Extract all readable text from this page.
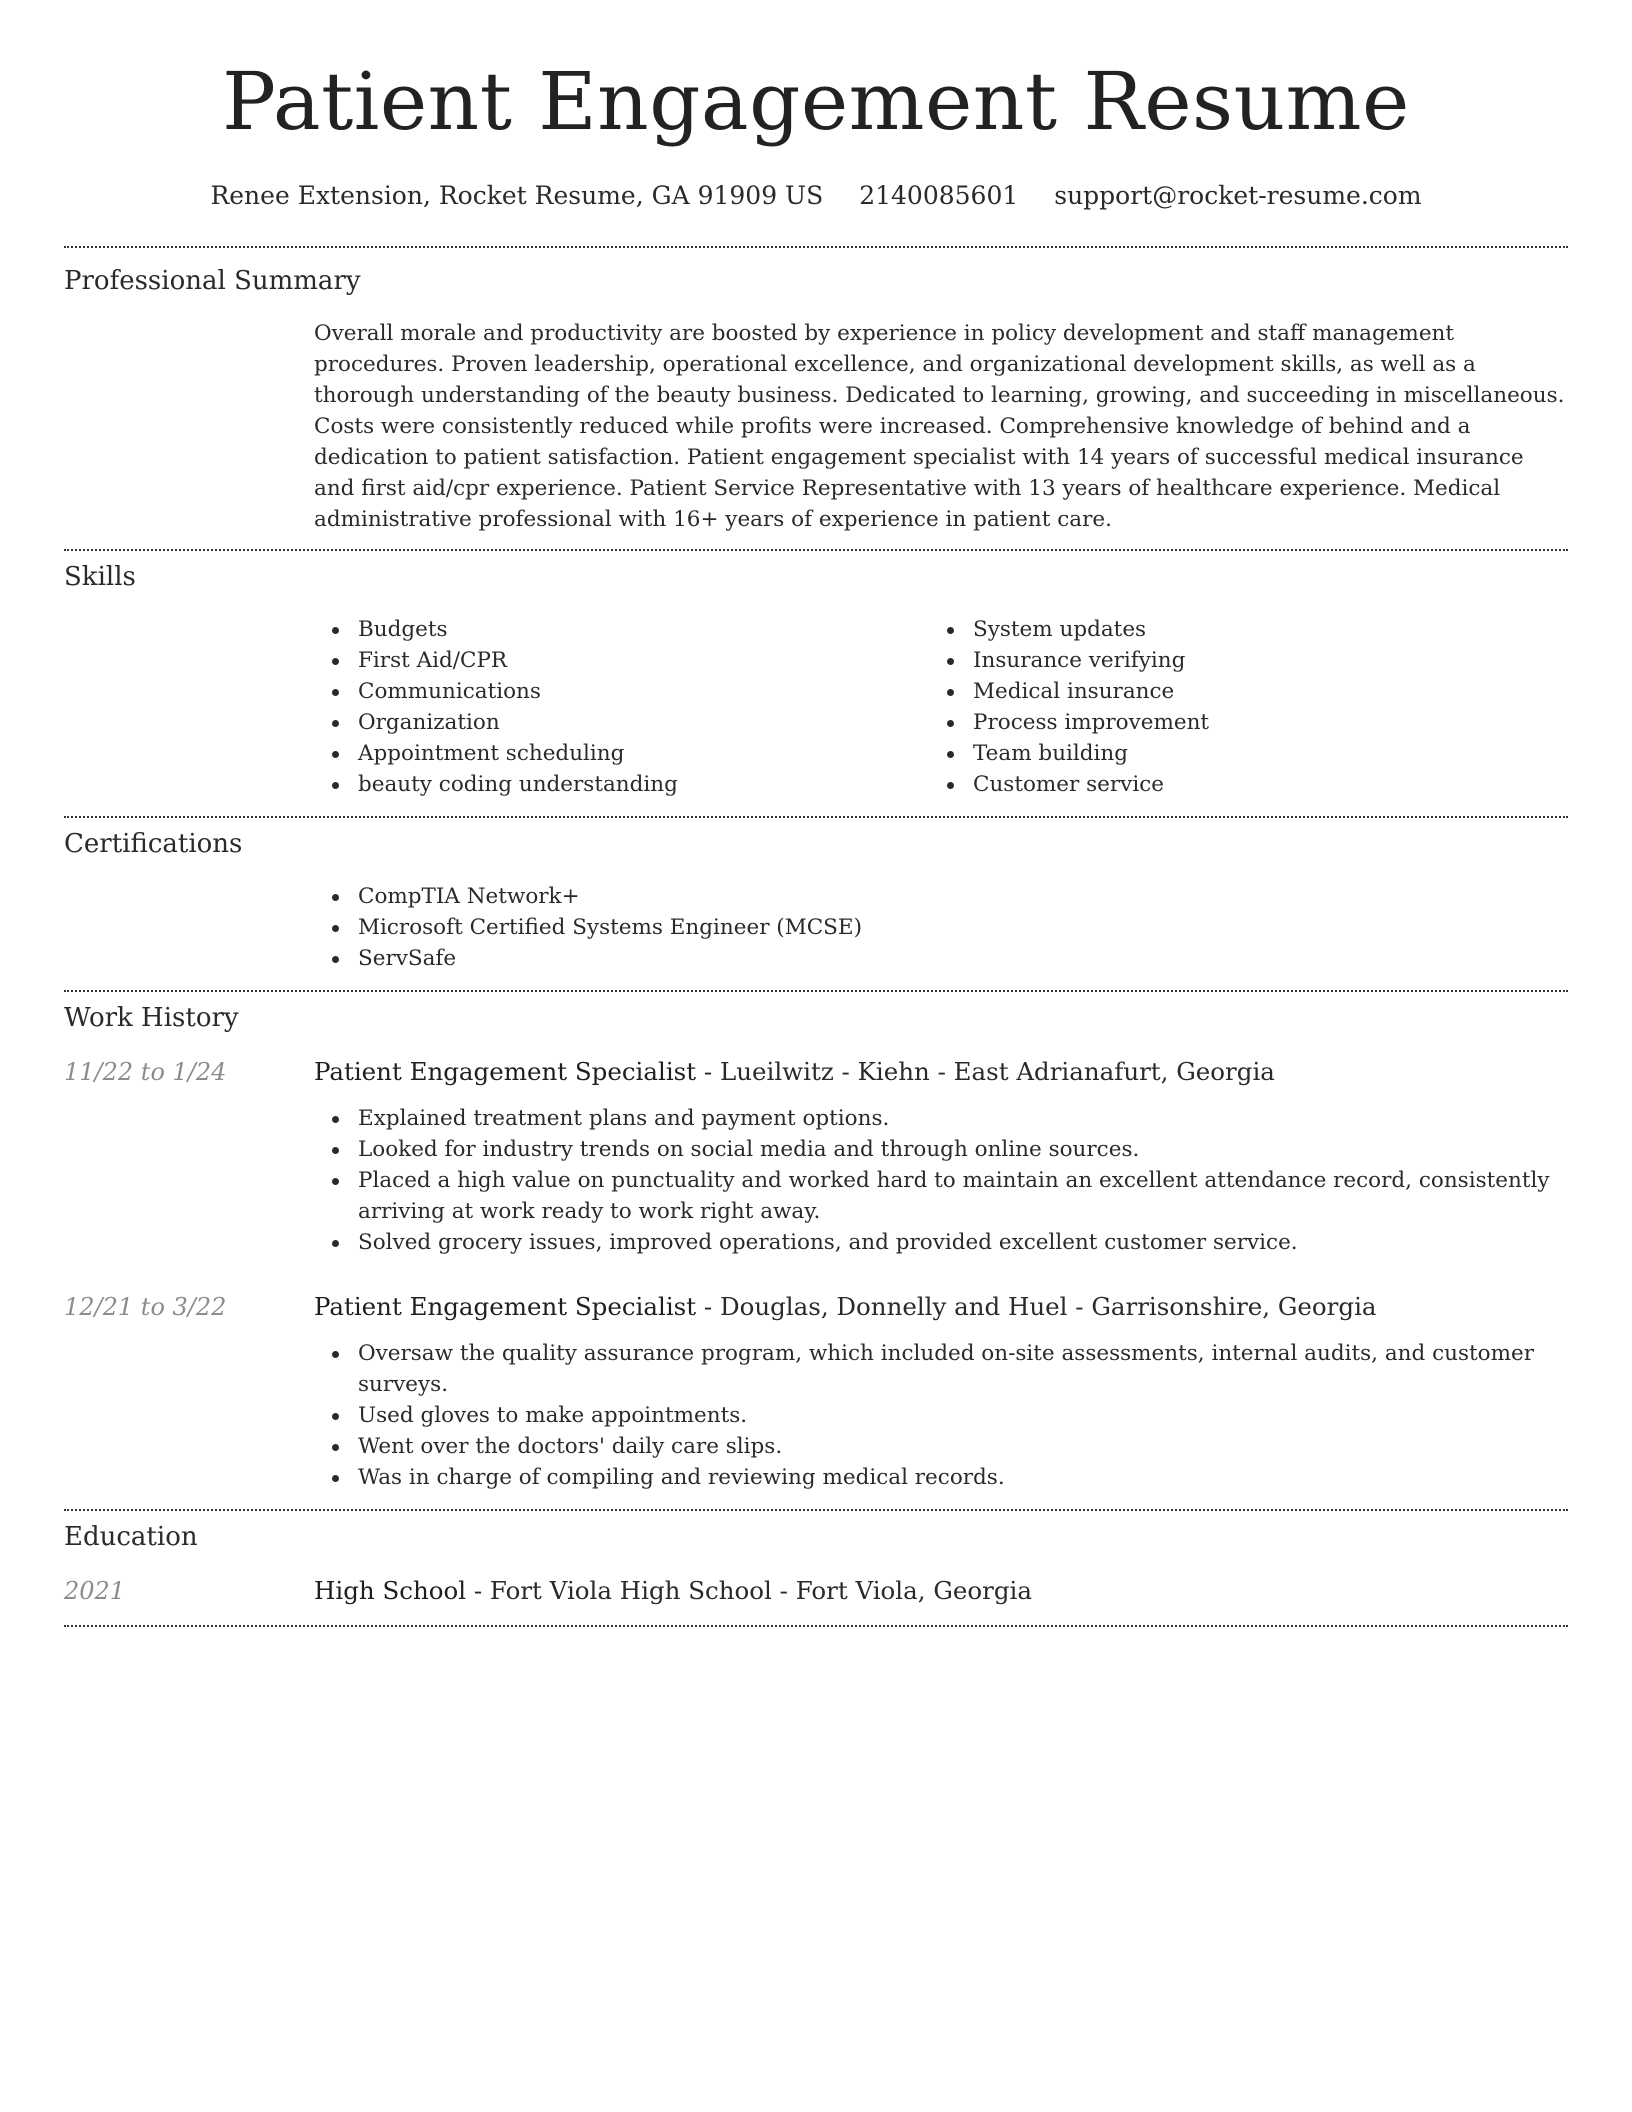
Patient Engagement Resume
Renee Extension, Rocket Resume, GA 91909 US 2140085601 support@rocket-resume.com
Professional Summary

Overall morale and productivity are boosted by experience in policy development and staff management procedures. Proven leadership, operational excellence, and organizational development skills, as well as a thorough understanding of the beauty business. Dedicated to learning, growing, and succeeding in miscellaneous. Costs were consistently reduced while profits were increased. Comprehensive knowledge of behind and a dedication to patient satisfaction. Patient engagement specialist with 14 years of successful medical insurance and first aid/cpr experience. Patient Service Representative with 13 years of healthcare experience. Medical administrative professional with 16+ years of experience in patient care.

Skills
Budgets
First Aid/CPR
Communications
Organization
Appointment scheduling
beauty coding understanding
System updates
Insurance verifying
Medical insurance
Process improvement
Team building
Customer service
Certifications
CompTIA Network+
Microsoft Certified Systems Engineer (MCSE)
ServSafe
Work History
11/22 to 1/24	Patient Engagement Specialist - Lueilwitz - Kiehn - East Adrianafurt, Georgia
Explained treatment plans and payment options.
Looked for industry trends on social media and through online sources.
Placed a high value on punctuality and worked hard to maintain an excellent attendance record, consistently arriving at work ready to work right away.
Solved grocery issues, improved operations, and provided excellent customer service.
12/21 to 3/22	Patient Engagement Specialist - Douglas, Donnelly and Huel - Garrisonshire, Georgia
Oversaw the quality assurance program, which included on-site assessments, internal audits, and customer surveys.
Used gloves to make appointments.
Went over the doctors' daily care slips.
Was in charge of compiling and reviewing medical records.
Education
2021	High School - Fort Viola High School - Fort Viola, Georgia
